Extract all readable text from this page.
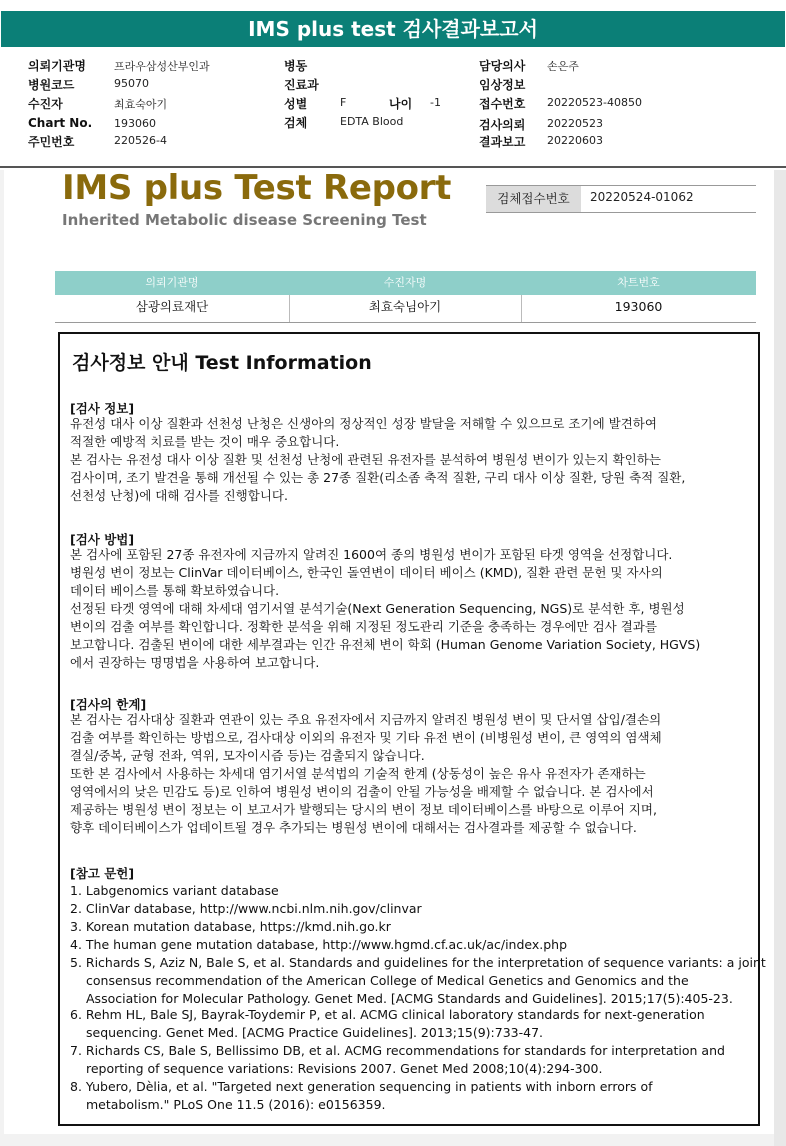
IMS plus test 검사결과보고서
의뢰기관명	프라우삼성산부인과
병원코드	95070
수진자	최효숙아기
Chart No. 193060
주민번호	220526-4
병동
진료과
성별	F	나이 -1
검체	EDTA Blood
담당의사 손은주
임상정보
접수번호 20220523-40850
검사의뢰 20220523
결과보고 20220603
IMS plus Test Report
Inherited Metabolic disease Screening Test
검체접수번호	20220524-01062
의뢰기관명	수진자명	차트번호
삼광의료재단	최효숙님아기	193060
검사정보 안내 Test Information
[검사 정보]
유전성 대사 이상 질환과 선천성 난청은 신생아의 정상적인 성장 발달을 저해할 수 있으므로 조기에 발견하여
적절한 예방적 치료를 받는 것이 매우 중요합니다.
본 검사는 유전성 대사 이상 질환 및 선천성 난청에 관련된 유전자를 분석하여 병원성 변이가 있는지 확인하는
검사이며, 조기 발견을 통해 개선될 수 있는 총 27종 질환(리소좀 축적 질환, 구리 대사 이상 질환, 당원 축적 질환,
선천성 난청)에 대해 검사를 진행합니다.
[검사 방법]
본 검사에 포함된 27종 유전자에 지금까지 알려진 1600여 종의 병원성 변이가 포함된 타겟 영역을 선정합니다.
병원성 변이 정보는 ClinVar 데이터베이스, 한국인 돌연변이 데이터 베이스 (KMD), 질환 관련 문헌 및 자사의
데이터 베이스를 통해 확보하였습니다.
선정된 타겟 영역에 대해 차세대 염기서열 분석기술(Next Generation Sequencing, NGS)로 분석한 후, 병원성
변이의 검출 여부를 확인합니다. 정확한 분석을 위해 지정된 정도관리 기준을 충족하는 경우에만 검사 결과를
보고합니다. 검출된 변이에 대한 세부결과는 인간 유전체 변이 학회 (Human Genome Variation Society, HGVS)
에서 권장하는 명명법을 사용하여 보고합니다.
[검사의 한계]
본 검사는 검사대상 질환과 연관이 있는 주요 유전자에서 지금까지 알려진 병원성 변이 및 단서열 삽입/결손의
검출 여부를 확인하는 방법으로, 검사대상 이외의 유전자 및 기타 유전 변이 (비병원성 변이, 큰 영역의 염색체
결실/중복, 균형 전좌, 역위, 모자이시즘 등)는 검출되지 않습니다.
또한 본 검사에서 사용하는 차세대 염기서열 분석법의 기술적 한계 (상동성이 높은 유사 유전자가 존재하는
영역에서의 낮은 민감도 등)로 인하여 병원성 변이의 검출이 안될 가능성을 배제할 수 없습니다. 본 검사에서
제공하는 병원성 변이 정보는 이 보고서가 발행되는 당시의 변이 정보 데이터베이스를 바탕으로 이루어 지며,
향후 데이터베이스가 업데이트될 경우 추가되는 병원성 변이에 대해서는 검사결과를 제공할 수 없습니다.
[참고 문헌]
1. Labgenomics variant database
2. ClinVar database, http://www.ncbi.nlm.nih.gov/clinvar
3. Korean mutation database, https://kmd.nih.go.kr
4. The human gene mutation database, http://www.hgmd.cf.ac.uk/ac/index.php
5. Richards S, Aziz N, Bale S, et al. Standards and guidelines for the interpretation of sequence variants: a joint
consensus recommendation of the American College of Medical Genetics and Genomics and the
Association for Molecular Pathology. Genet Med. [ACMG Standards and Guidelines]. 2015;17(5):405-23.
6. Rehm HL, Bale SJ, Bayrak-Toydemir P, et al. ACMG clinical laboratory standards for next-generation
sequencing. Genet Med. [ACMG Practice Guidelines]. 2013;15(9):733-47.
7. Richards CS, Bale S, Bellissimo DB, et al. ACMG recommendations for standards for interpretation and
reporting of sequence variations: Revisions 2007. Genet Med 2008;10(4):294-300.
8. Yubero, Dèlia, et al. "Targeted next generation sequencing in patients with inborn errors of
metabolism." PLoS One 11.5 (2016): e0156359.
